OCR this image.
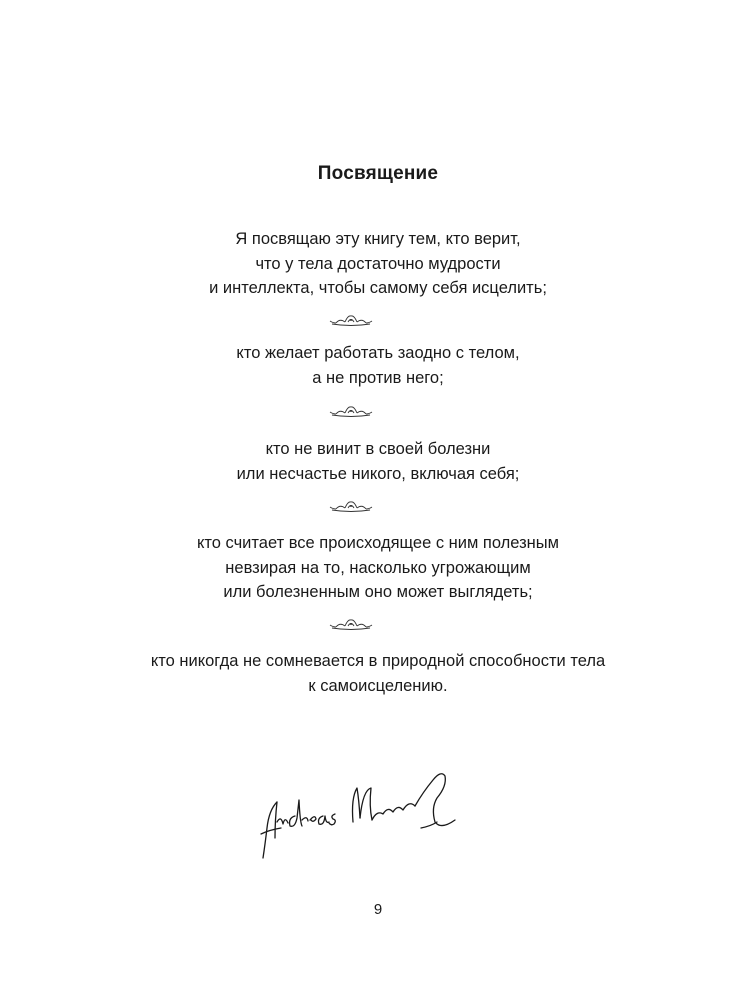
Посвящение
Я посвящаю эту книгу тем, кто верит,
что у тела достаточно мудрости
и интеллекта, чтобы самому себя исцелить;
кто желает работать заодно с телом,
а не против него;
кто не винит в своей болезни
или несчастье никого, включая себя;
кто считает все происходящее с ним полезным
невзирая на то, насколько угрожающим
или болезненным оно может выглядеть;
кто никогда не сомневается в природной способности тела
к самоисцелению.
9
